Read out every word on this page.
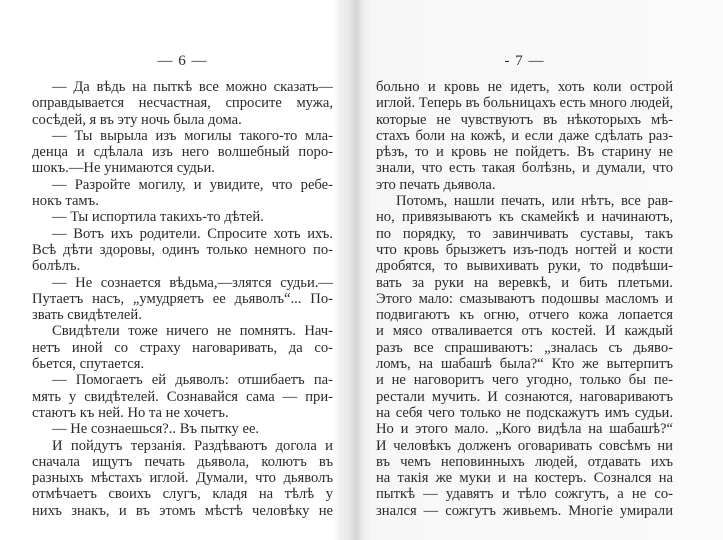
— 6 —
— Да вѣдь на пыткѣ все можно сказать—
оправдывается несчастная, спросите мужа,
сосѣдей, я въ эту ночь была дома.
— Ты вырыла изъ могилы такого-то мла-
денца и сдѣлала изъ него волшебный поро-
шокъ.—Не унимаются судьи.
— Разройте могилу, и увидите, что ребе-
нокъ тамъ.
— Ты испортила такихъ-то дѣтей.
— Вотъ ихъ родители. Спросите хоть ихъ.
Всѣ дѣти здоровы, одинъ только немного по-
болѣлъ.
— Не сознается вѣдьма,—злятся судьи.—
Путаетъ насъ, „умудряетъ ее дьяволъ“... По-
звать свидѣтелей.
Свидѣтели тоже ничего не помнятъ. Нач-
нетъ иной со страху наговаривать, да со-
бьется, спутается.
— Помогаетъ ей дьяволъ: отшибаетъ па-
мять у свидѣтелей. Сознавайся сама — при-
стаютъ къ ней. Но та не хочетъ.
— Не сознаешься?.. Въ пытку ее.
И пойдутъ терзанія. Раздѣваютъ догола и
сначала ищутъ печать дьявола, колютъ въ
разныхъ мѣстахъ иглой. Думали, что дьяволъ
отмѣчаетъ своихъ слугъ, кладя на тѣлѣ у
нихъ знакъ, и въ этомъ мѣстѣ человѣку не
- 7 —
больно и кровь не идетъ, хоть коли острой
иглой. Теперь въ больницахъ есть много людей,
которые не чувствуютъ въ нѣкоторыхъ мѣ-
стахъ боли на кожѣ, и если даже сдѣлать раз-
рѣзъ, то и кровь не пойдетъ. Въ старину не
знали, что есть такая болѣзнь, и думали, что
это печать дьявола.
Потомъ, нашли печать, или нѣтъ, все рав-
но, привязываютъ къ скамейкѣ и начинаютъ,
по порядку, то завинчивать суставы, такъ
что кровь брызжетъ изъ-подъ ногтей и кости
дробятся, то вывихивать руки, то подвѣши-
вать за руки на веревкѣ, и бить плетьми.
Этого мало: смазываютъ подошвы масломъ и
подвигаютъ къ огню, отчего кожа лопается
и мясо отваливается отъ костей. И каждый
разъ все спрашиваютъ: „зналась съ дьяво-
ломъ, на шабашѣ была?“ Кто же вытерпитъ
и не наговоритъ чего угодно, только бы пе-
рестали мучить. И сознаются, наговариваютъ
на себя чего только не подскажутъ имъ судьи.
Но и этого мало. „Кого видѣла на шабашѣ?“
И человѣкъ долженъ оговаривать совсѣмъ ни
въ чемъ неповинныхъ людей, отдавать ихъ
на такія же муки и на костеръ. Сознался на
пыткѣ — удавятъ и тѣло сожгутъ, а не со-
знался — сожгутъ живьемъ. Многіе умирали
